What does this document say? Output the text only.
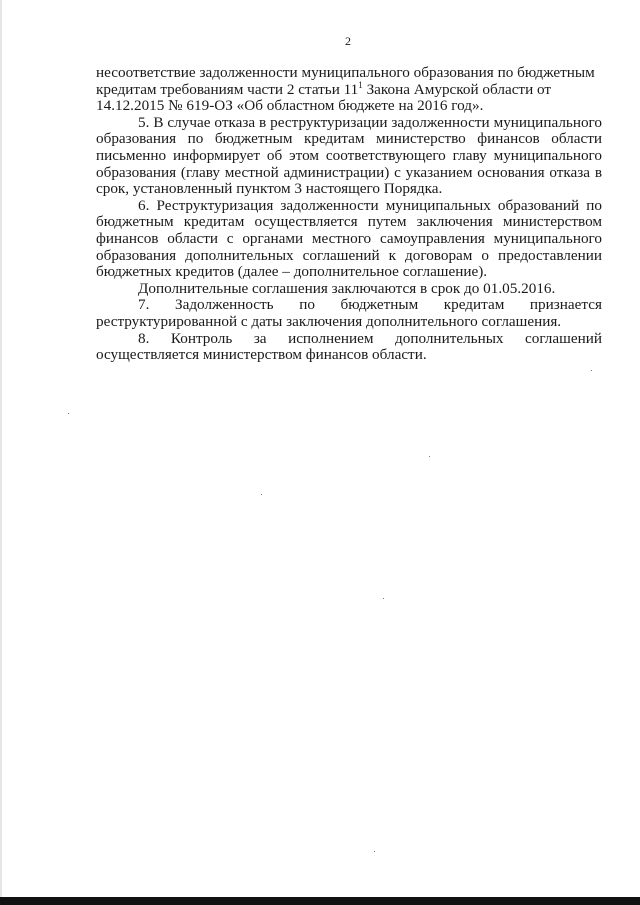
2

несоответствие задолженности муниципального образования по бюджетным

кредитам требованиям части 2 статьи $11^1$ Закона Амурской области от

14.12.2015 № 619-ОЗ «Об областном бюджете на 2016 год».

5. В случае отказа в реструктуризации задолженности муниципального образования по бюджетным кредитам министерство финансов области письменно информирует об этом соответствующего главу муниципального образования (главу местной администрации) с указанием основания отказа в срок, установленный пунктом 3 настоящего Порядка.

6. Реструктуризация задолженности муниципальных образований по бюджетным кредитам осуществляется путем заключения министерством финансов области с органами местного самоуправления муниципального образования дополнительных соглашений к договорам о предоставлении бюджетных кредитов (далее – дополнительное соглашение).

Дополнительные соглашения заключаются в срок до 01.05.2016.

7. Задолженность по бюджетным кредитам признается

реструктурированной с даты заключения дополнительного соглашения.

8. Контроль за исполнением дополнительных соглашений

осуществляется министерством финансов области.
